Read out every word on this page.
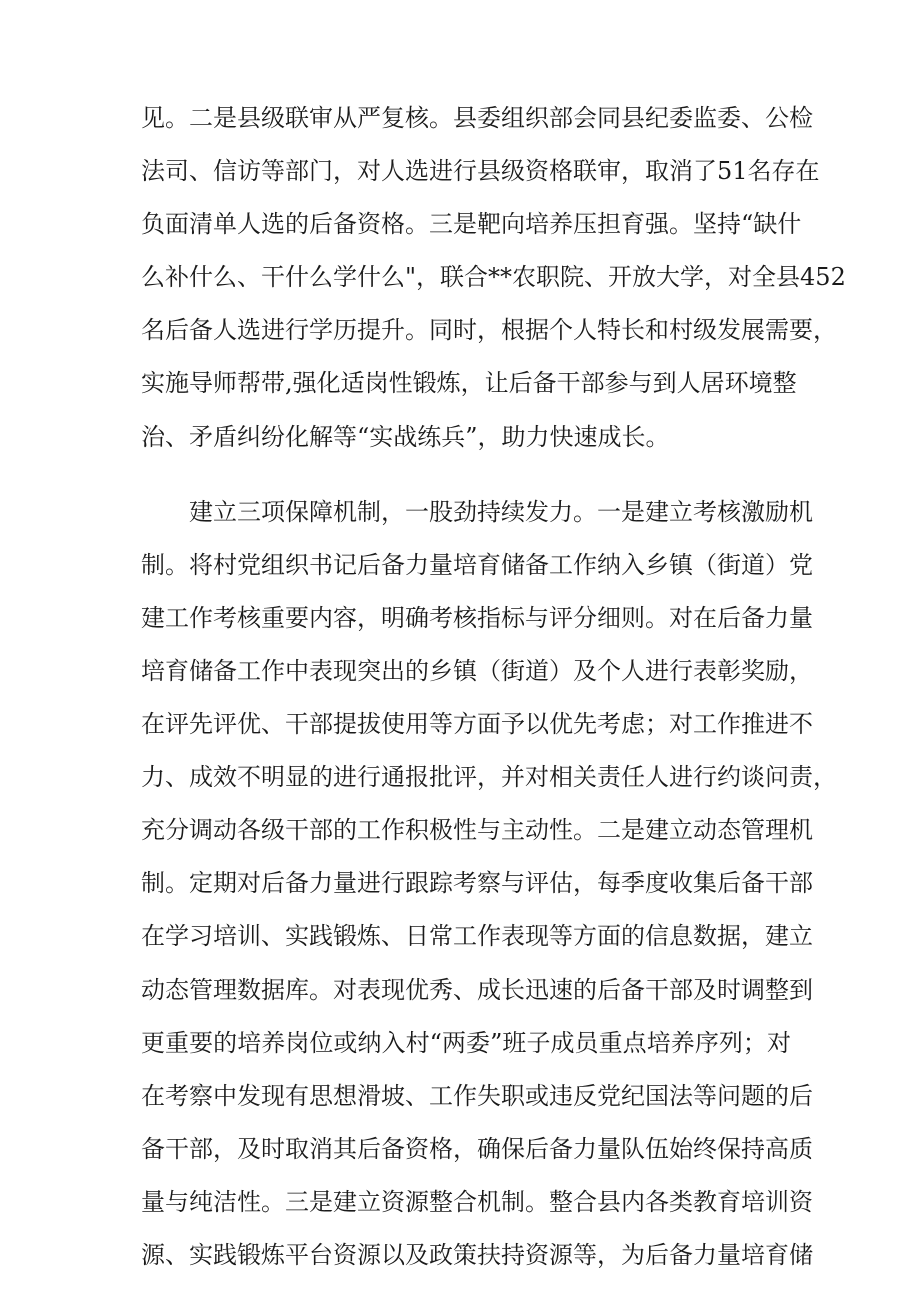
见。二是县级联审从严复核。县委组织部会同县纪委监委、公检
法司、信访等部门，对人选进行县级资格联审，取消了51名存在
负面清单人选的后备资格。三是靶向培养压担育强。坚持“缺什
么补什么、干什么学什么"，联合**农职院、开放大学，对全县452
名后备人选进行学历提升。同时，根据个人特长和村级发展需要，
实施导师帮带,强化适岗性锻炼，让后备干部参与到人居环境整
治、矛盾纠纷化解等“实战练兵”，助力快速成长。
建立三项保障机制，一股劲持续发力。一是建立考核激励机
制。将村党组织书记后备力量培育储备工作纳入乡镇（街道）党
建工作考核重要内容，明确考核指标与评分细则。对在后备力量
培育储备工作中表现突出的乡镇（街道）及个人进行表彰奖励，
在评先评优、干部提拔使用等方面予以优先考虑；对工作推进不
力、成效不明显的进行通报批评，并对相关责任人进行约谈问责，
充分调动各级干部的工作积极性与主动性。二是建立动态管理机
制。定期对后备力量进行跟踪考察与评估，每季度收集后备干部
在学习培训、实践锻炼、日常工作表现等方面的信息数据，建立
动态管理数据库。对表现优秀、成长迅速的后备干部及时调整到
更重要的培养岗位或纳入村“两委”班子成员重点培养序列；对
在考察中发现有思想滑坡、工作失职或违反党纪国法等问题的后
备干部，及时取消其后备资格，确保后备力量队伍始终保持高质
量与纯洁性。三是建立资源整合机制。整合县内各类教育培训资
源、实践锻炼平台资源以及政策扶持资源等，为后备力量培育储
